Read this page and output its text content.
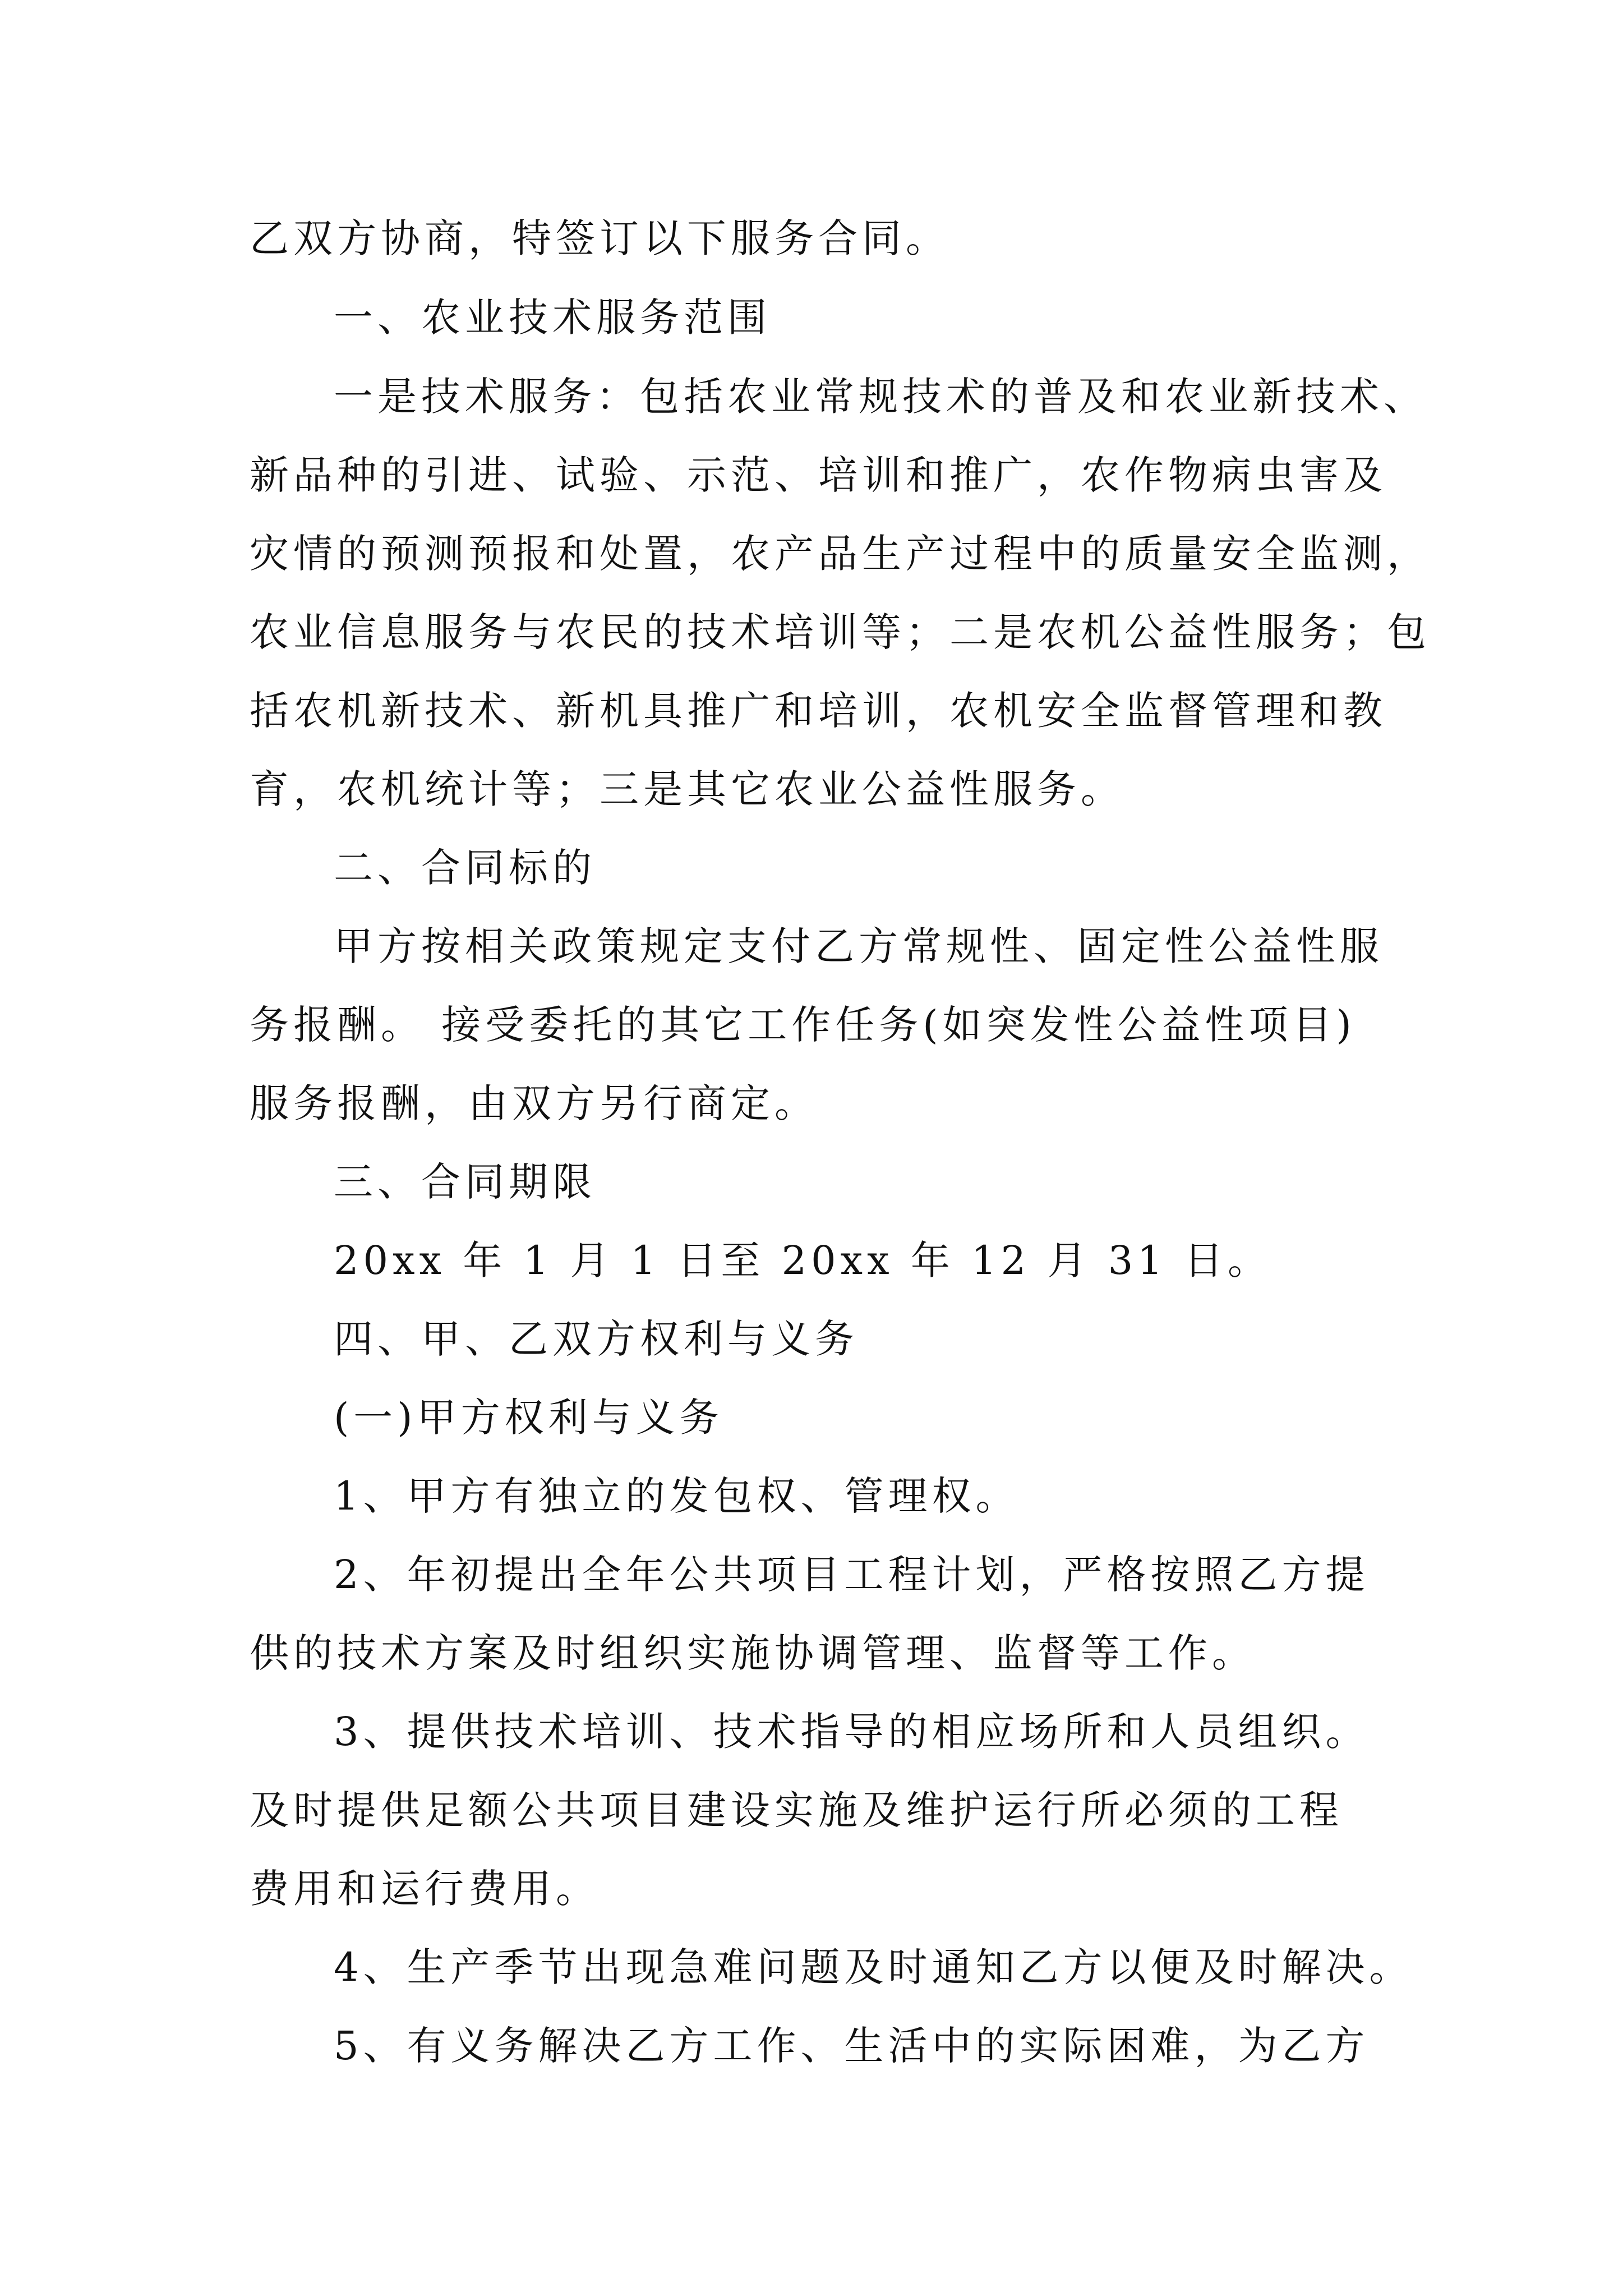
乙双方协商，特签订以下服务合同。
一、农业技术服务范围
一是技术服务：包括农业常规技术的普及和农业新技术、
新品种的引进、试验、示范、培训和推广，农作物病虫害及
灾情的预测预报和处置，农产品生产过程中的质量安全监测，
农业信息服务与农民的技术培训等；二是农机公益性服务；包
括农机新技术、新机具推广和培训，农机安全监督管理和教
育，农机统计等；三是其它农业公益性服务。
二、合同标的
甲方按相关政策规定支付乙方常规性、固定性公益性服
务报酬。 接受委托的其它工作任务(如突发性公益性项目)
服务报酬，由双方另行商定。
三、合同期限
20xx 年 1 月 1 日至 20xx 年 12 月 31 日。
四、甲、乙双方权利与义务
(一)甲方权利与义务
1、甲方有独立的发包权、管理权。
2、年初提出全年公共项目工程计划，严格按照乙方提
供的技术方案及时组织实施协调管理、监督等工作。
3、提供技术培训、技术指导的相应场所和人员组织。
及时提供足额公共项目建设实施及维护运行所必须的工程
费用和运行费用。
4、生产季节出现急难问题及时通知乙方以便及时解决。
5、有义务解决乙方工作、生活中的实际困难，为乙方
